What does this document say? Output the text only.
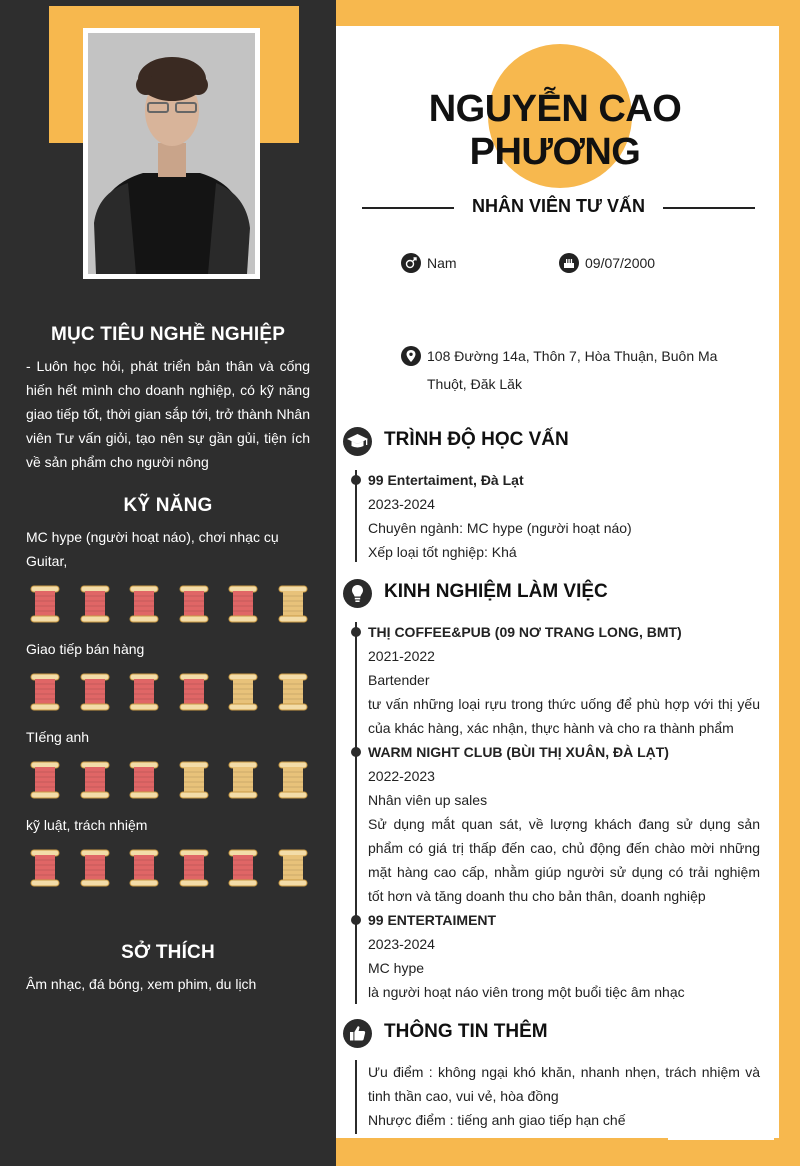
MỤC TIÊU NGHỀ NGHIỆP
- Luôn học hỏi, phát triển bản thân và cống hiến hết mình cho doanh nghiệp, có kỹ năng giao tiếp tốt, thời gian sắp tới, trở thành Nhân viên Tư vấn giỏi, tạo nên sự gần gủi, tiện ích về sản phẩm cho người nông
KỸ NĂNG
MC hype (người hoạt náo), chơi nhạc cụ Guitar,
Giao tiếp bán hàng
TIếng anh
kỹ luật, trách nhiệm
SỞ THÍCH
Âm nhạc, đá bóng, xem phim, du lịch
NGUYỄN CAO PHƯƠNG
NHÂN VIÊN TƯ VẤN
Nam	09/07/2000
108 Đường 14a, Thôn 7, Hòa Thuận, Buôn Ma
Thuột, Đăk Lăk
TRÌNH ĐỘ HỌC VẤN
99 Entertaiment, Đà Lạt
2023-2024
Chuyên ngành: MC hype (người hoạt náo)
Xếp loại tốt nghiệp: Khá
KINH NGHIỆM LÀM VIỆC
THỊ COFFEE&PUB (09 NƠ TRANG LONG, BMT)
2021-2022
Bartender
tư vấn những loại rựu trong thức uống để phù hợp với thị yếu của khác hàng, xác nhận, thực hành và cho ra thành phẩm
WARM NIGHT CLUB (BÙI THỊ XUÂN, ĐÀ LẠT)
2022-2023
Nhân viên up sales
Sử dụng mắt quan sát, về lượng khách đang sử dụng sản phẩm có giá trị thấp đến cao, chủ động đến chào mời những mặt hàng cao cấp, nhằm giúp người sử dụng có trải nghiệm tốt hơn và tăng doanh thu cho bản thân, doanh nghiệp
99 ENTERTAIMENT
2023-2024
MC hype
là người hoạt náo viên trong một buổi tiệc âm nhạc
THÔNG TIN THÊM
Ưu điểm : không ngại khó khăn, nhanh nhẹn, trách nhiệm và tinh thần cao, vui vẻ, hòa đồng
Nhược điểm : tiếng anh giao tiếp hạn chế
